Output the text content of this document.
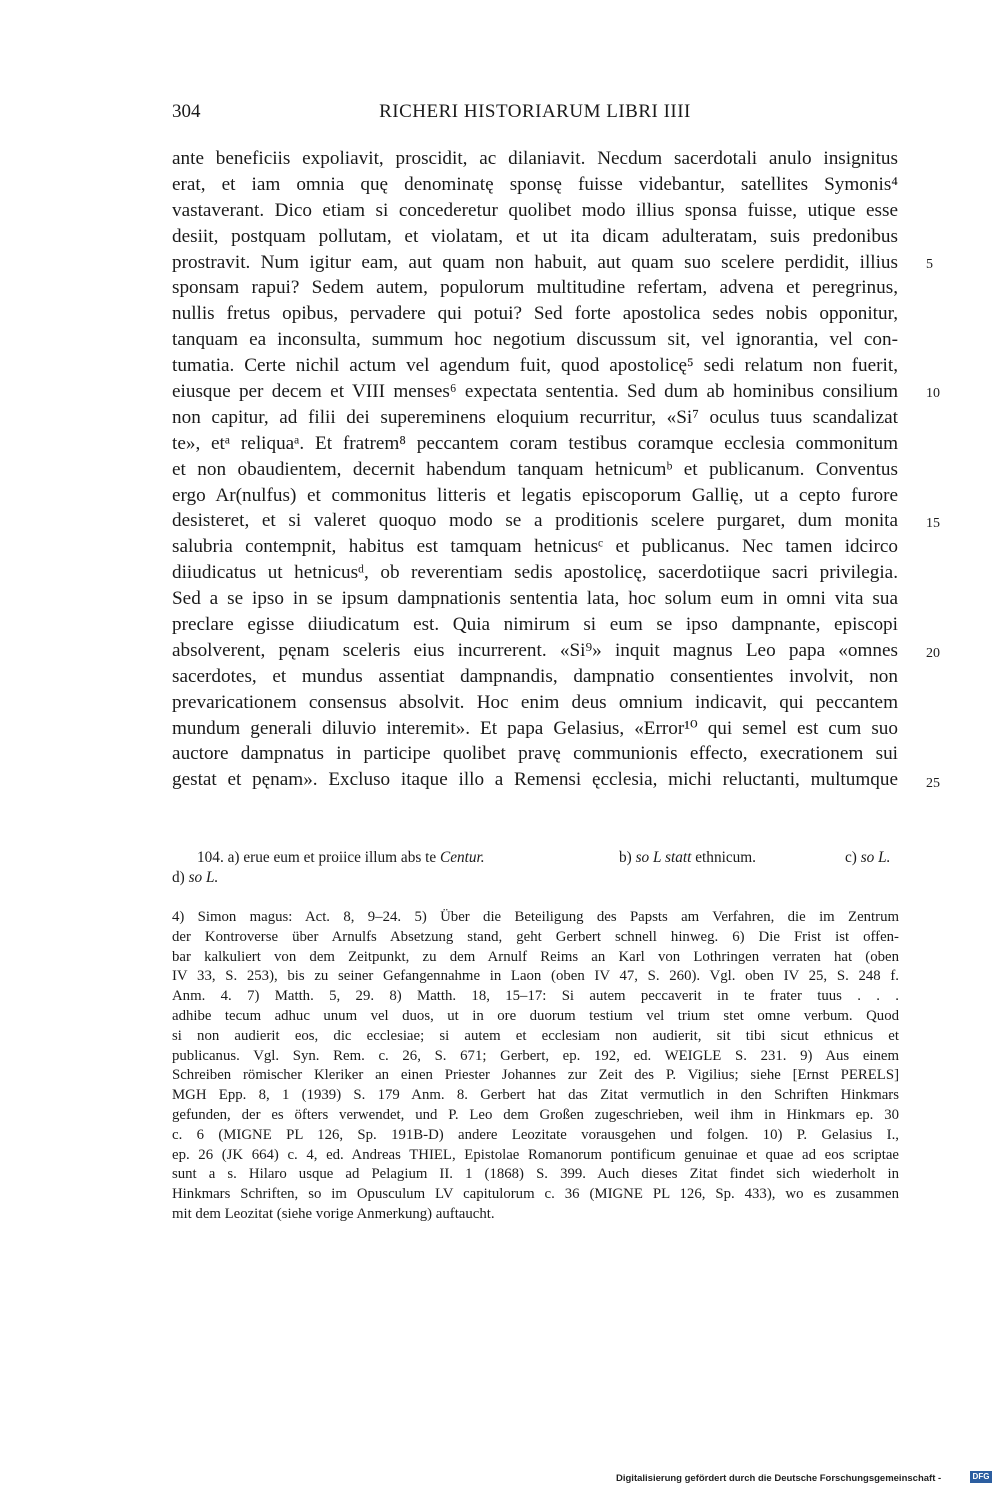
304	RICHERI HISTORIARUM LIBRI IIII
ante beneficiis expoliavit, proscidit, ac dilaniavit. Necdum sacerdotali anulo insignitus
erat, et iam omnia quę denominatę sponsę fuisse videbantur, satellites Symonis⁴
vastaverant. Dico etiam si concederetur quolibet modo illius sponsa fuisse, utique esse
desiit, postquam pollutam, et violatam, et ut ita dicam adulteratam, suis predonibus
prostravit. Num igitur eam, aut quam non habuit, aut quam suo scelere perdidit, illius
sponsam rapui? Sedem autem, populorum multitudine refertam, advena et peregrinus,
nullis fretus opibus, pervadere qui potui? Sed forte apostolica sedes nobis opponitur,
tanquam ea inconsulta, summum hoc negotium discussum sit, vel ignorantia, vel con-
tumatia. Certe nichil actum vel agendum fuit, quod apostolicę⁵ sedi relatum non fuerit,
eiusque per decem et VIII menses⁶ expectata sententia. Sed dum ab hominibus consilium
non capitur, ad filii dei supereminens eloquium recurritur, «Si⁷ oculus tuus scandalizat
te», etᵃ reliquaᵃ. Et fratrem⁸ peccantem coram testibus coramque ecclesia commonitum
et non obaudientem, decernit habendum tanquam hetnicumᵇ et publicanum. Conventus
ergo Ar(nulfus) et commonitus litteris et legatis episcoporum Gallię, ut a cepto furore
desisteret, et si valeret quoquo modo se a proditionis scelere purgaret, dum monita
salubria contempnit, habitus est tamquam hetnicusᶜ et publicanus. Nec tamen idcirco
diiudicatus ut hetnicusᵈ, ob reverentiam sedis apostolicę, sacerdotiique sacri privilegia.
Sed a se ipso in se ipsum dampnationis sententia lata, hoc solum eum in omni vita sua
preclare egisse diiudicatum est. Quia nimirum si eum se ipso dampnante, episcopi
absolverent, pęnam sceleris eius incurrerent. «Si⁹» inquit magnus Leo papa «omnes
sacerdotes, et mundus assentiat dampnandis, dampnatio consentientes involvit, non
prevaricationem consensus absolvit. Hoc enim deus omnium indicavit, qui peccantem
mundum generali diluvio interemit». Et papa Gelasius, «Error¹⁰ qui semel est cum suo
auctore dampnatus in participe quolibet pravę communionis effecto, execrationem sui
gestat et pęnam». Excluso itaque illo a Remensi ęcclesia, michi reluctanti, multumque
5
10
15
20
25
104. a) erue eum et proiice illum abs te Centur.	b) so L statt ethnicum.	c) so L.
d) so L.
4) Simon magus: Act. 8, 9–24. 5) Über die Beteiligung des Papsts am Verfahren, die im Zentrum
der Kontroverse über Arnulfs Absetzung stand, geht Gerbert schnell hinweg. 6) Die Frist ist offen-
bar kalkuliert von dem Zeitpunkt, zu dem Arnulf Reims an Karl von Lothringen verraten hat (oben
IV 33, S. 253), bis zu seiner Gefangennahme in Laon (oben IV 47, S. 260). Vgl. oben IV 25, S. 248 f.
Anm. 4. 7) Matth. 5, 29. 8) Matth. 18, 15–17: Si autem peccaverit in te frater tuus . . .
adhibe tecum adhuc unum vel duos, ut in ore duorum testium vel trium stet omne verbum. Quod
si non audierit eos, dic ecclesiae; si autem et ecclesiam non audierit, sit tibi sicut ethnicus et
publicanus. Vgl. Syn. Rem. c. 26, S. 671; Gerbert, ep. 192, ed. WEIGLE S. 231. 9) Aus einem
Schreiben römischer Kleriker an einen Priester Johannes zur Zeit des P. Vigilius; siehe [Ernst PERELS]
MGH Epp. 8, 1 (1939) S. 179 Anm. 8. Gerbert hat das Zitat vermutlich in den Schriften Hinkmars
gefunden, der es öfters verwendet, und P. Leo dem Großen zugeschrieben, weil ihm in Hinkmars ep. 30
c. 6 (MIGNE PL 126, Sp. 191B-D) andere Leozitate vorausgehen und folgen. 10) P. Gelasius I.,
ep. 26 (JK 664) c. 4, ed. Andreas THIEL, Epistolae Romanorum pontificum genuinae et quae ad eos scriptae
sunt a s. Hilaro usque ad Pelagium II. 1 (1868) S. 399. Auch dieses Zitat findet sich wiederholt in
Hinkmars Schriften, so im Opusculum LV capitulorum c. 36 (MIGNE PL 126, Sp. 433), wo es zusammen
mit dem Leozitat (siehe vorige Anmerkung) auftaucht.
Digitalisierung gefördert durch die Deutsche Forschungsgemeinschaft -	DFG
